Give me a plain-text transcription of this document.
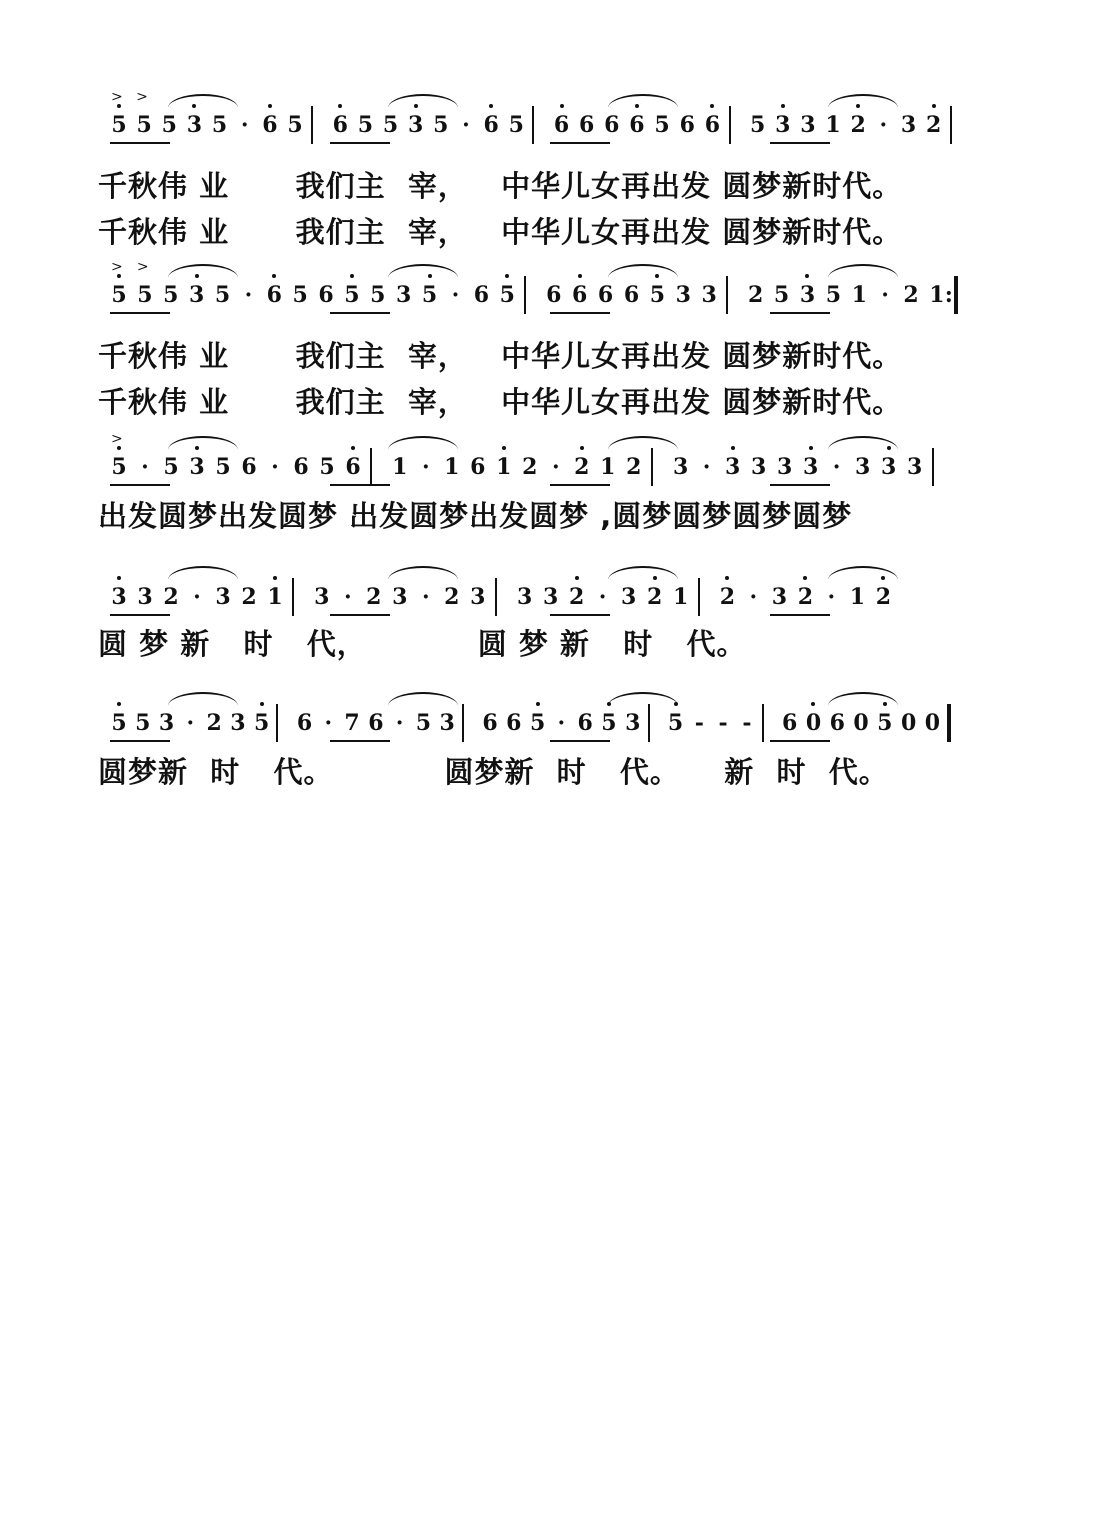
> 5 > 5 5 3 5 · 6 5 6 5 5 3 5 · 6 5 6 6 6 6 5 6 6 5 3 3 1 2 · 3 2
千秋伟 业      我们主  宰，   中华儿女再出发 圆梦新时代。
千秋伟 业      我们主  宰，   中华儿女再出发 圆梦新时代。
> 5 > 5 5 3 5 · 6 5 6 5 5 3 5 · 6 5 6 6 6 6 5 3 3 2 5 3 5 1 · 2 1 :
千秋伟 业      我们主  宰，   中华儿女再出发 圆梦新时代。
千秋伟 业      我们主  宰，   中华儿女再出发 圆梦新时代。
> 5 · 5 3 5 6 · 6 5 6 1 · 1 6 1 2 · 2 1 2 3 · 3 3 3 3 · 3 3 3
出发圆梦出发圆梦 出发圆梦出发圆梦 ,圆梦圆梦圆梦圆梦
3 3 2 · 3 2 1 3 · 2 3 · 2 3 3 3 2 · 3 2 1 2 · 3 2 · 1 2
圆 梦 新   时   代，          圆 梦 新   时   代。
5 5 3 · 2 3 5 6 · 7 6 · 5 3 6 6 5 · 6 5 3 5 - - -	6 0 6 0 5 0 0
圆梦新  时   代。          圆梦新  时   代。    新  时  代。
